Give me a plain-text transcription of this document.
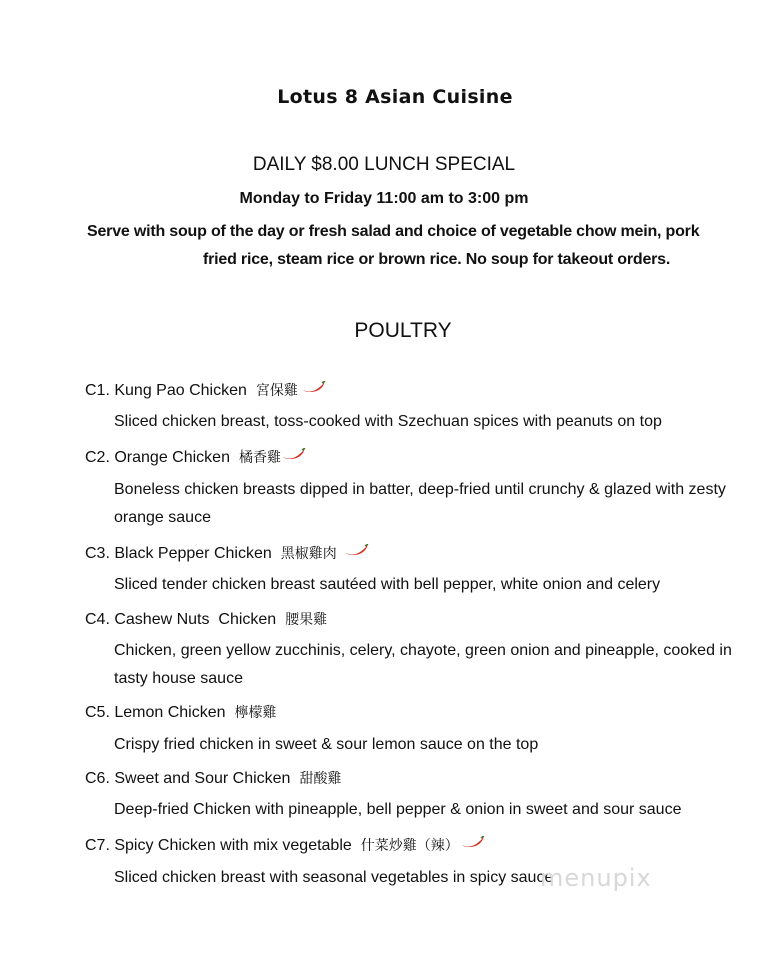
Lotus 8 Asian Cuisine
DAILY $8.00 LUNCH SPECIAL
Monday to Friday 11:00 am to 3:00 pm
Serve with soup of the day or fresh salad and choice of vegetable chow mein, pork
fried rice, steam rice or brown rice. No soup for takeout orders.
POULTRY
C1. Kung Pao Chicken 宮保雞
Sliced chicken breast, toss-cooked with Szechuan spices with peanuts on top
C2. Orange Chicken 橘香雞
Boneless chicken breasts dipped in batter, deep-fried until crunchy & glazed with zesty orange sauce
C3. Black Pepper Chicken 黑椒雞肉
Sliced tender chicken breast sautéed with bell pepper, white onion and celery
C4. Cashew Nuts  Chicken 腰果雞
Chicken, green yellow zucchinis, celery, chayote, green onion and pineapple, cooked in tasty house sauce
C5. Lemon Chicken 檸檬雞
Crispy fried chicken in sweet & sour lemon sauce on the top
C6. Sweet and Sour Chicken 甜酸雞
Deep-fried Chicken with pineapple, bell pepper & onion in sweet and sour sauce
C7. Spicy Chicken with mix vegetable 什菜炒雞（辣）
Sliced chicken breast with seasonal vegetables in spicy sauce
menupix
